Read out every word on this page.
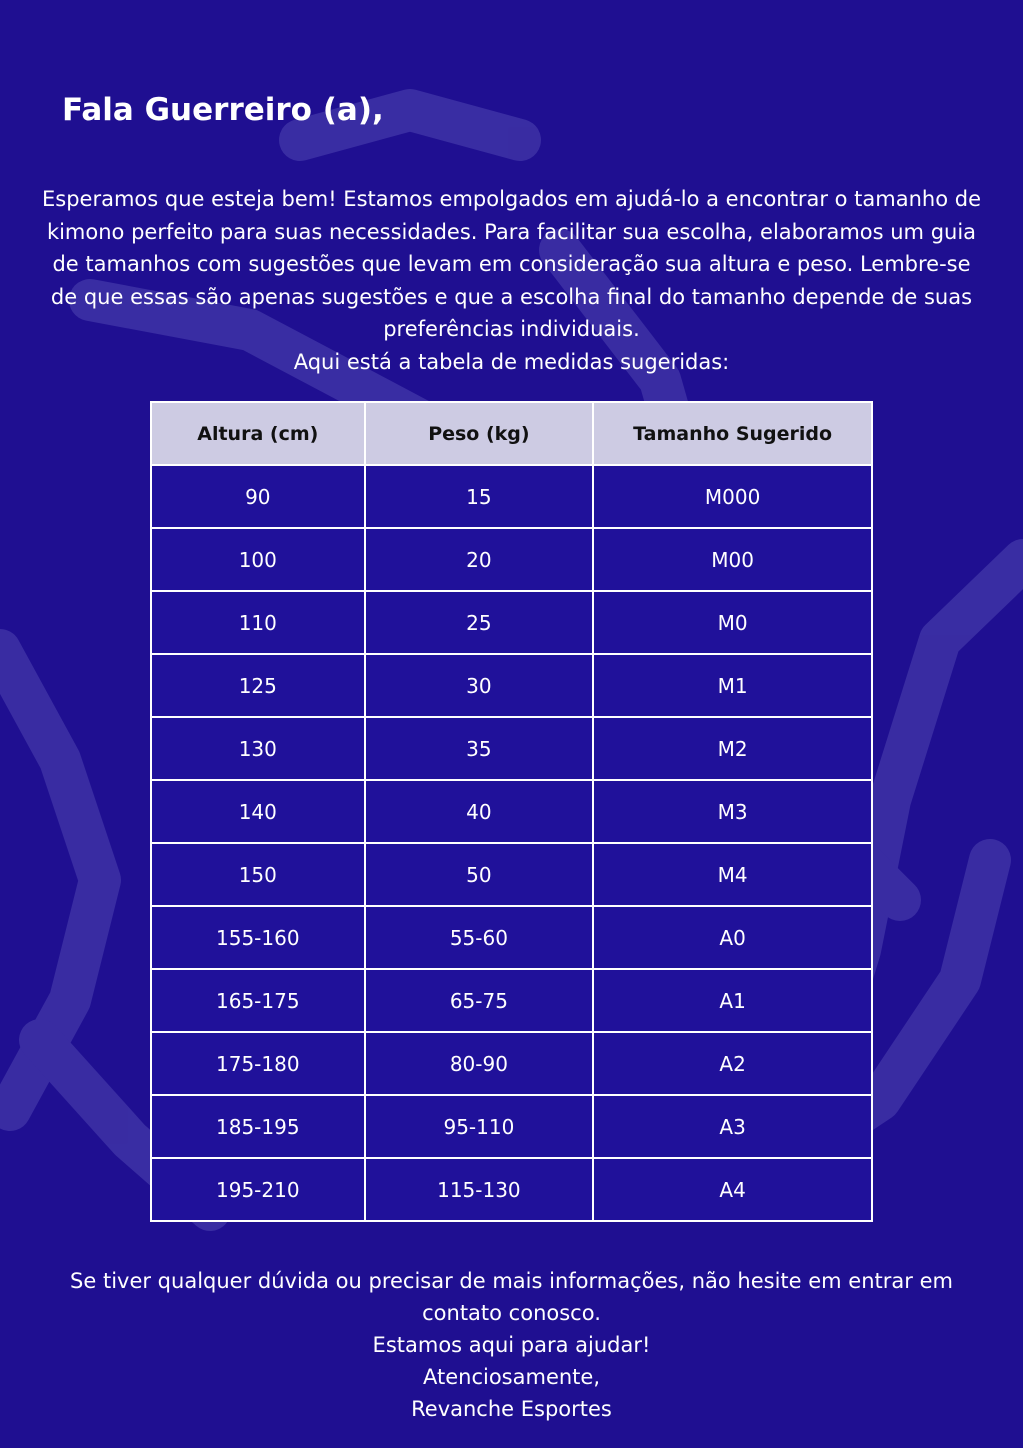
Fala Guerreiro (a),

Esperamos que esteja bem! Estamos empolgados em ajudá-lo a encontrar o tamanho de kimono perfeito para suas necessidades. Para facilitar sua escolha, elaboramos um guia de tamanhos com sugestões que levam em consideração sua altura e peso. Lembre-se de que essas são apenas sugestões e que a escolha final do tamanho depende de suas preferências individuais.

Aqui está a tabela de medidas sugeridas:

Altura (cm)	Peso (kg)	Tamanho Sugerido
90	15	M000
100	20	M00
110	25	M0
125	30	M1
130	35	M2
140	40	M3
150	50	M4
155-160	55-60	A0
165-175	65-75	A1
175-180	80-90	A2
185-195	95-110	A3
195-210	115-130	A4

Se tiver qualquer dúvida ou precisar de mais informações, não hesite em entrar em contato conosco.

Estamos aqui para ajudar!

Atenciosamente,

Revanche Esportes
